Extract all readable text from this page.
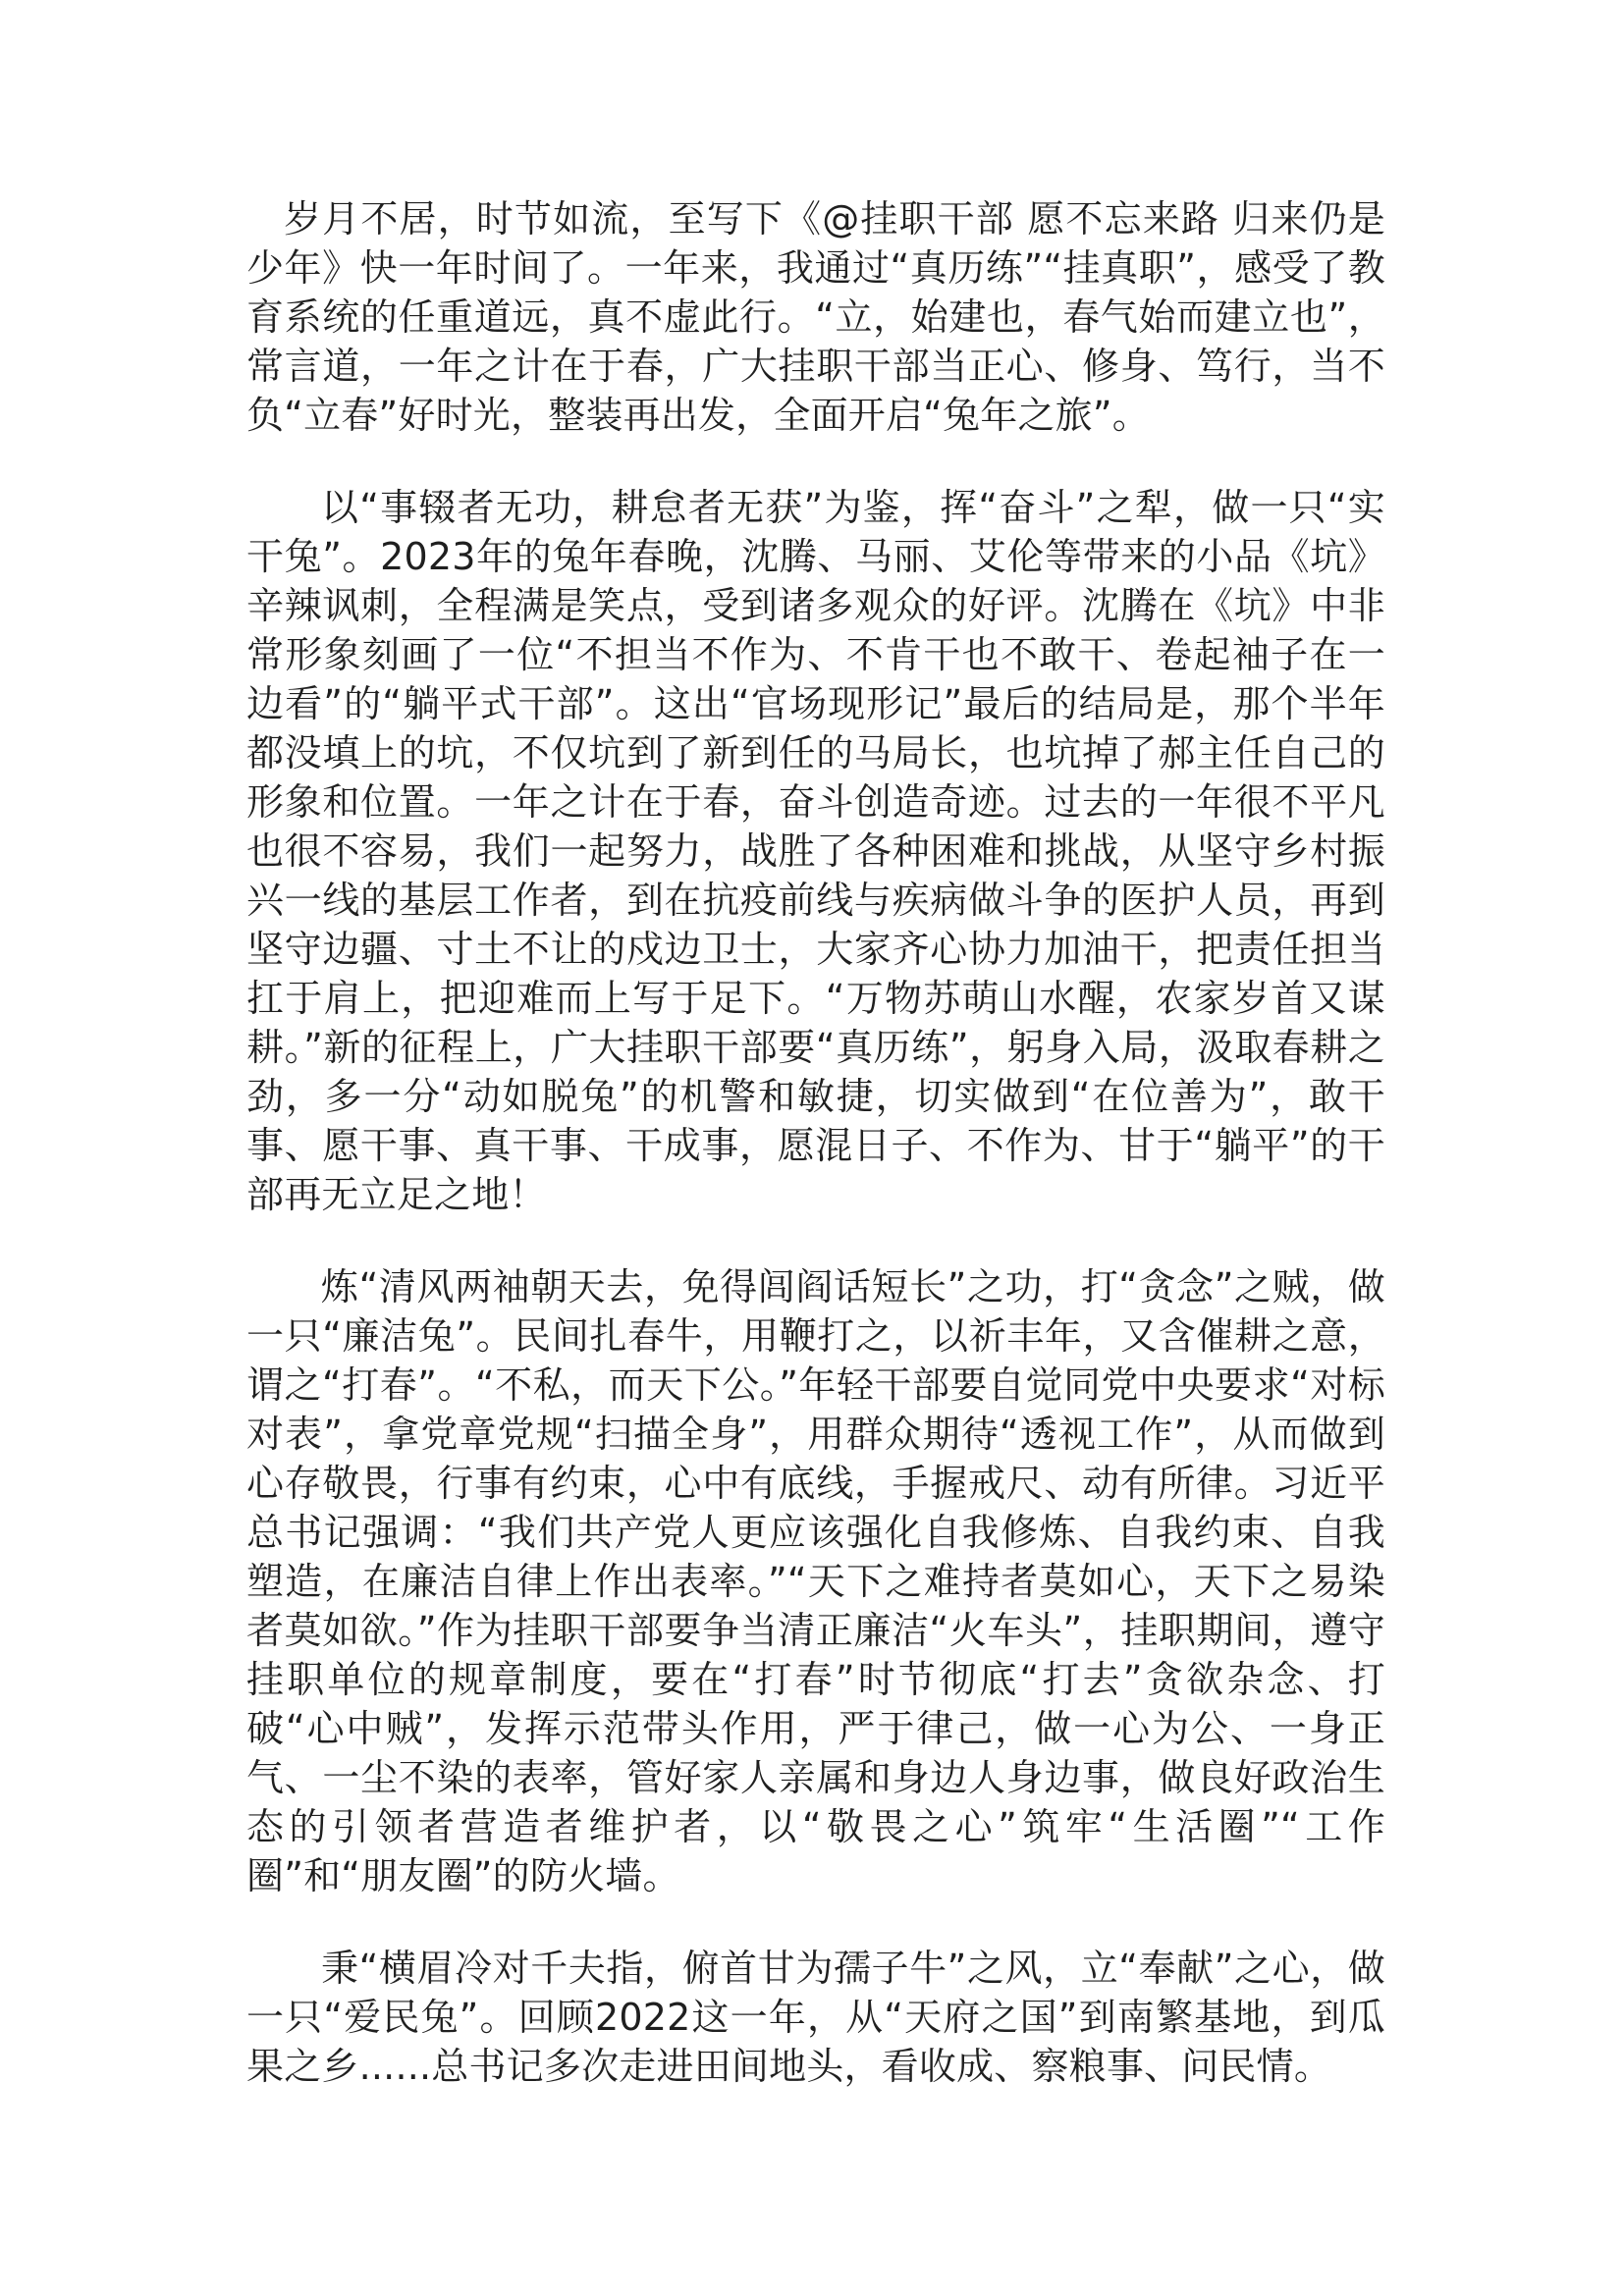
岁月不居，时节如流，至写下《@挂职干部 愿不忘来路 归来仍是少年》快一年时间了。一年来，我通过“真历练”“挂真职”，感受了教育系统的任重道远，真不虚此行。“立，始建也，春气始而建立也”，常言道，一年之计在于春，广大挂职干部当正心、修身、笃行，当不负“立春”好时光，整装再出发，全面开启“兔年之旅”。

以“事辍者无功，耕怠者无获”为鉴，挥“奋斗”之犁，做一只“实干兔”。2023年的兔年春晚，沈腾、马丽、艾伦等带来的小品《坑》辛辣讽刺，全程满是笑点，受到诸多观众的好评。沈腾在《坑》中非常形象刻画了一位“不担当不作为、不肯干也不敢干、卷起袖子在一边看”的“躺平式干部”。这出“官场现形记”最后的结局是，那个半年都没填上的坑，不仅坑到了新到任的马局长，也坑掉了郝主任自己的形象和位置。一年之计在于春，奋斗创造奇迹。过去的一年很不平凡也很不容易，我们一起努力，战胜了各种困难和挑战，从坚守乡村振兴一线的基层工作者，到在抗疫前线与疾病做斗争的医护人员，再到坚守边疆、寸土不让的戍边卫士，大家齐心协力加油干，把责任担当扛于肩上，把迎难而上写于足下。“万物苏萌山水醒，农家岁首又谋耕。”新的征程上，广大挂职干部要“真历练”，躬身入局，汲取春耕之劲，多一分“动如脱兔”的机警和敏捷，切实做到“在位善为”，敢干事、愿干事、真干事、干成事，愿混日子、不作为、甘于“躺平”的干部再无立足之地！

炼“清风两袖朝天去，免得闾阎话短长”之功，打“贪念”之贼，做一只“廉洁兔”。民间扎春牛，用鞭打之，以祈丰年，又含催耕之意，谓之“打春”。“不私，而天下公。”年轻干部要自觉同党中央要求“对标对表”，拿党章党规“扫描全身”，用群众期待“透视工作”，从而做到心存敬畏，行事有约束，心中有底线，手握戒尺、动有所律。习近平总书记强调：“我们共产党人更应该强化自我修炼、自我约束、自我塑造，在廉洁自律上作出表率。”“天下之难持者莫如心，天下之易染者莫如欲。”作为挂职干部要争当清正廉洁“火车头”，挂职期间，遵守挂职单位的规章制度，要在“打春”时节彻底“打去”贪欲杂念、打破“心中贼”，发挥示范带头作用，严于律己，做一心为公、一身正气、一尘不染的表率，管好家人亲属和身边人身边事，做良好政治生态的引领者营造者维护者，以“敬畏之心”筑牢“生活圈”“工作圈”和“朋友圈”的防火墙。

秉“横眉冷对千夫指，俯首甘为孺子牛”之风，立“奉献”之心，做一只“爱民兔”。回顾2022这一年，从“天府之国”到南繁基地，到瓜果之乡......总书记多次走进田间地头，看收成、察粮事、问民情。
